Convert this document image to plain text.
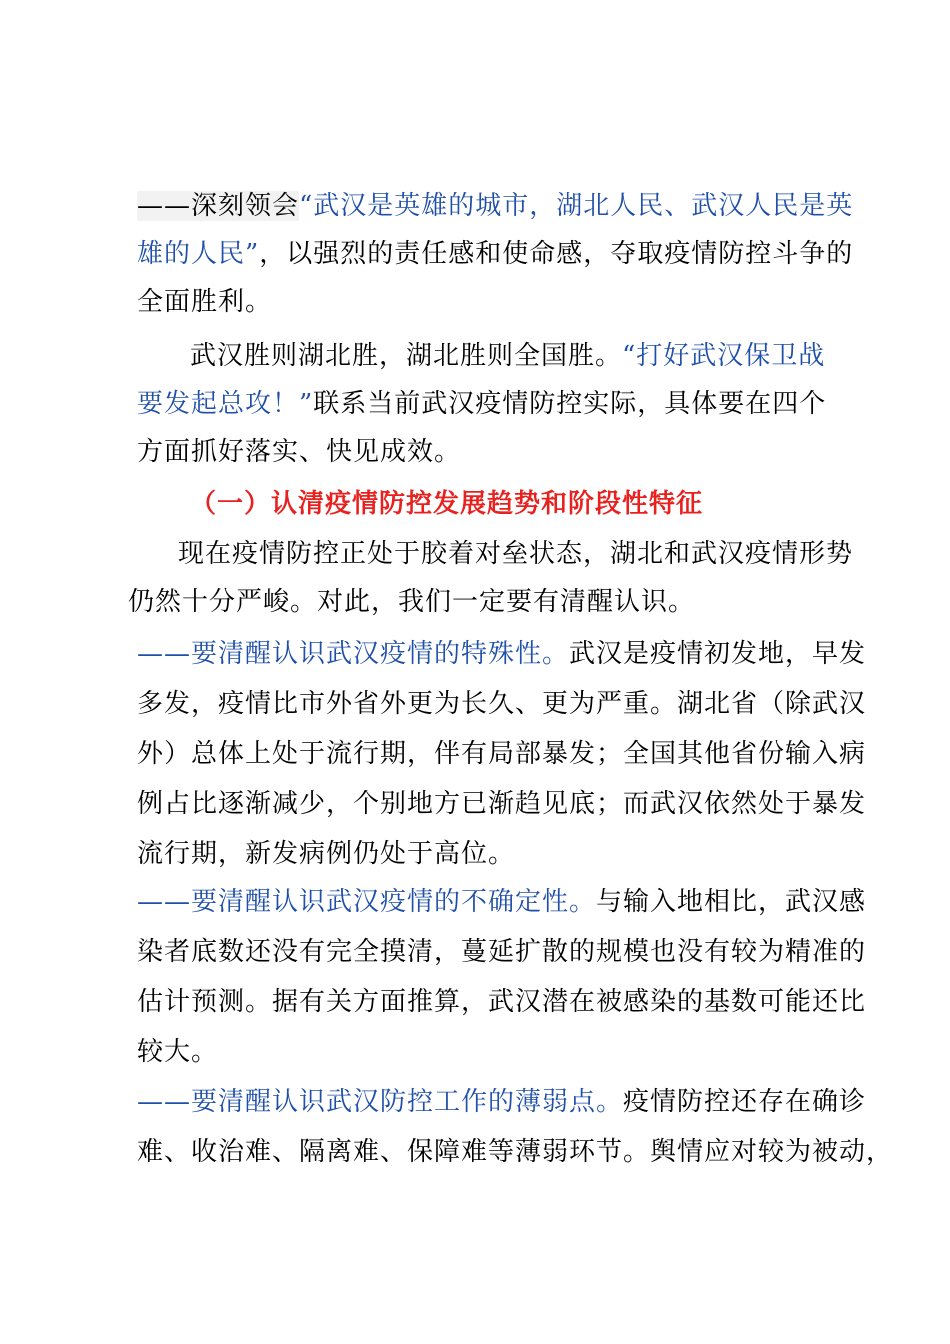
——深刻领会“武汉是英雄的城市，湖北人民、武汉人民是英
雄的人民”，以强烈的责任感和使命感，夺取疫情防控斗争的
全面胜利。
武汉胜则湖北胜，湖北胜则全国胜。“打好武汉保卫战
要发起总攻！”联系当前武汉疫情防控实际，具体要在四个
方面抓好落实、快见成效。
（一）认清疫情防控发展趋势和阶段性特征
现在疫情防控正处于胶着对垒状态，湖北和武汉疫情形势
仍然十分严峻。对此，我们一定要有清醒认识。
——要清醒认识武汉疫情的特殊性。武汉是疫情初发地，早发
多发，疫情比市外省外更为长久、更为严重。湖北省（除武汉
外）总体上处于流行期，伴有局部暴发；全国其他省份输入病
例占比逐渐减少，个别地方已渐趋见底；而武汉依然处于暴发
流行期，新发病例仍处于高位。
——要清醒认识武汉疫情的不确定性。与输入地相比，武汉感
染者底数还没有完全摸清，蔓延扩散的规模也没有较为精准的
估计预测。据有关方面推算，武汉潜在被感染的基数可能还比
较大。
——要清醒认识武汉防控工作的薄弱点。疫情防控还存在确诊
难、收治难、隔离难、保障难等薄弱环节。舆情应对较为被动，
